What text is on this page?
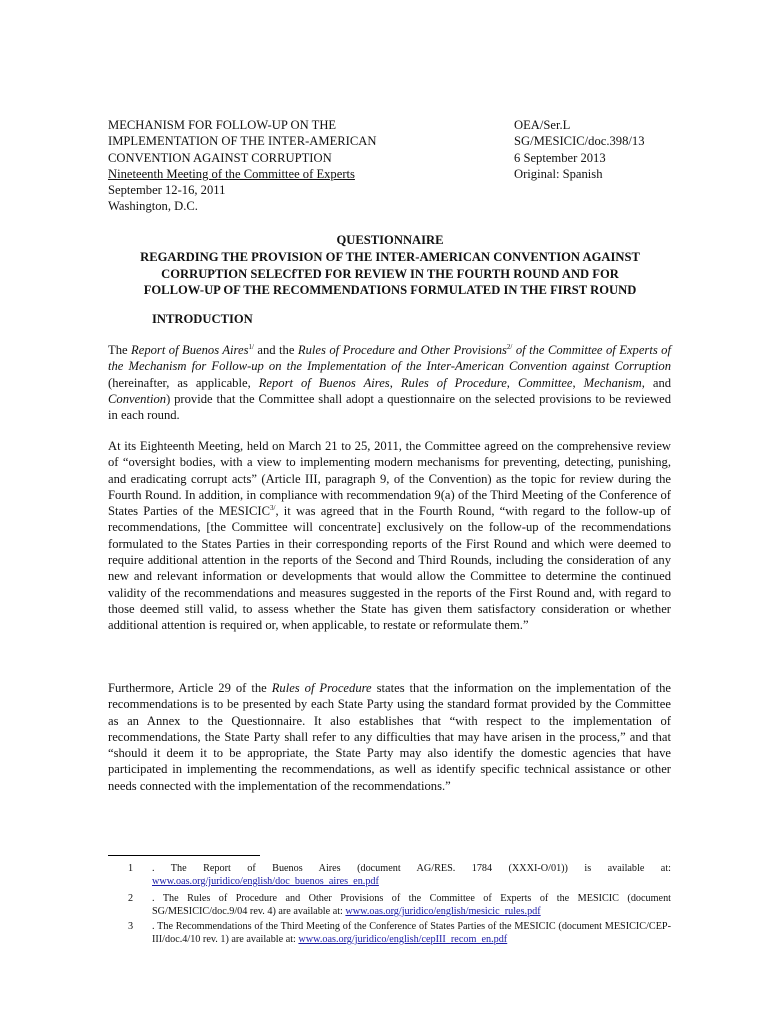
MECHANISM FOR FOLLOW-UP ON THE
IMPLEMENTATION OF THE INTER-AMERICAN
CONVENTION AGAINST CORRUPTION
Nineteenth Meeting of the Committee of Experts
September 12-16, 2011
Washington, D.C.
OEA/Ser.L
SG/MESICIC/doc.398/13
6 September 2013
Original: Spanish
QUESTIONNAIRE
REGARDING THE PROVISION OF THE INTER-AMERICAN CONVENTION AGAINST
CORRUPTION SELECfTED FOR REVIEW IN THE FOURTH ROUND AND FOR
FOLLOW-UP OF THE RECOMMENDATIONS FORMULATED IN THE FIRST ROUND
INTRODUCTION

The Report of Buenos Aires$^{1/}$ and the Rules of Procedure and Other Provisions$^{2/}$ of the Committee of Experts of the Mechanism for Follow-up on the Implementation of the Inter-American Convention against Corruption (hereinafter, as applicable, Report of Buenos Aires, Rules of Procedure, Committee, Mechanism, and Convention) provide that the Committee shall adopt a questionnaire on the selected provisions to be reviewed in each round.

At its Eighteenth Meeting, held on March 21 to 25, 2011, the Committee agreed on the comprehensive review of “oversight bodies, with a view to implementing modern mechanisms for preventing, detecting, punishing, and eradicating corrupt acts” (Article III, paragraph 9, of the Convention) as the topic for review during the Fourth Round. In addition, in compliance with recommendation 9(a) of the Third Meeting of the Conference of States Parties of the $MESICIC^{3/}$, it was agreed that in the Fourth Round, “with regard to the follow-up of recommendations, [the Committee will concentrate] exclusively on the follow-up of the recommendations formulated to the States Parties in their corresponding reports of the First Round and which were deemed to require additional attention in the reports of the Second and Third Rounds, including the consideration of any new and relevant information or developments that would allow the Committee to determine the continued validity of the recommendations and measures suggested in the reports of the First Round and, with regard to those deemed still valid, to assess whether the State has given them satisfactory consideration or whether additional attention is required or, when applicable, to restate or reformulate them.”

Furthermore, Article 29 of the Rules of Procedure states that the information on the implementation of the recommendations is to be presented by each State Party using the standard format provided by the Committee as an Annex to the Questionnaire. It also establishes that “with respect to the implementation of recommendations, the State Party shall refer to any difficulties that may have arisen in the process,” and that “should it deem it to be appropriate, the State Party may also identify the domestic agencies that have participated in implementing the recommendations, as well as identify specific technical assistance or other needs connected with the implementation of the recommendations.”

1 . The Report of Buenos Aires (document AG/RES. 1784 (XXXI-O/01)) is available at: www.oas.org/juridico/english/doc_buenos_aires_en.pdf
2 . The Rules of Procedure and Other Provisions of the Committee of Experts of the MESICIC (document SG/MESICIC/doc.9/04 rev. 4) are available at: www.oas.org/juridico/english/mesicic_rules.pdf
3 . The Recommendations of the Third Meeting of the Conference of States Parties of the MESICIC (document MESICIC/CEP-III/doc.4/10 rev. 1) are available at: www.oas.org/juridico/english/cepIII_recom_en.pdf
